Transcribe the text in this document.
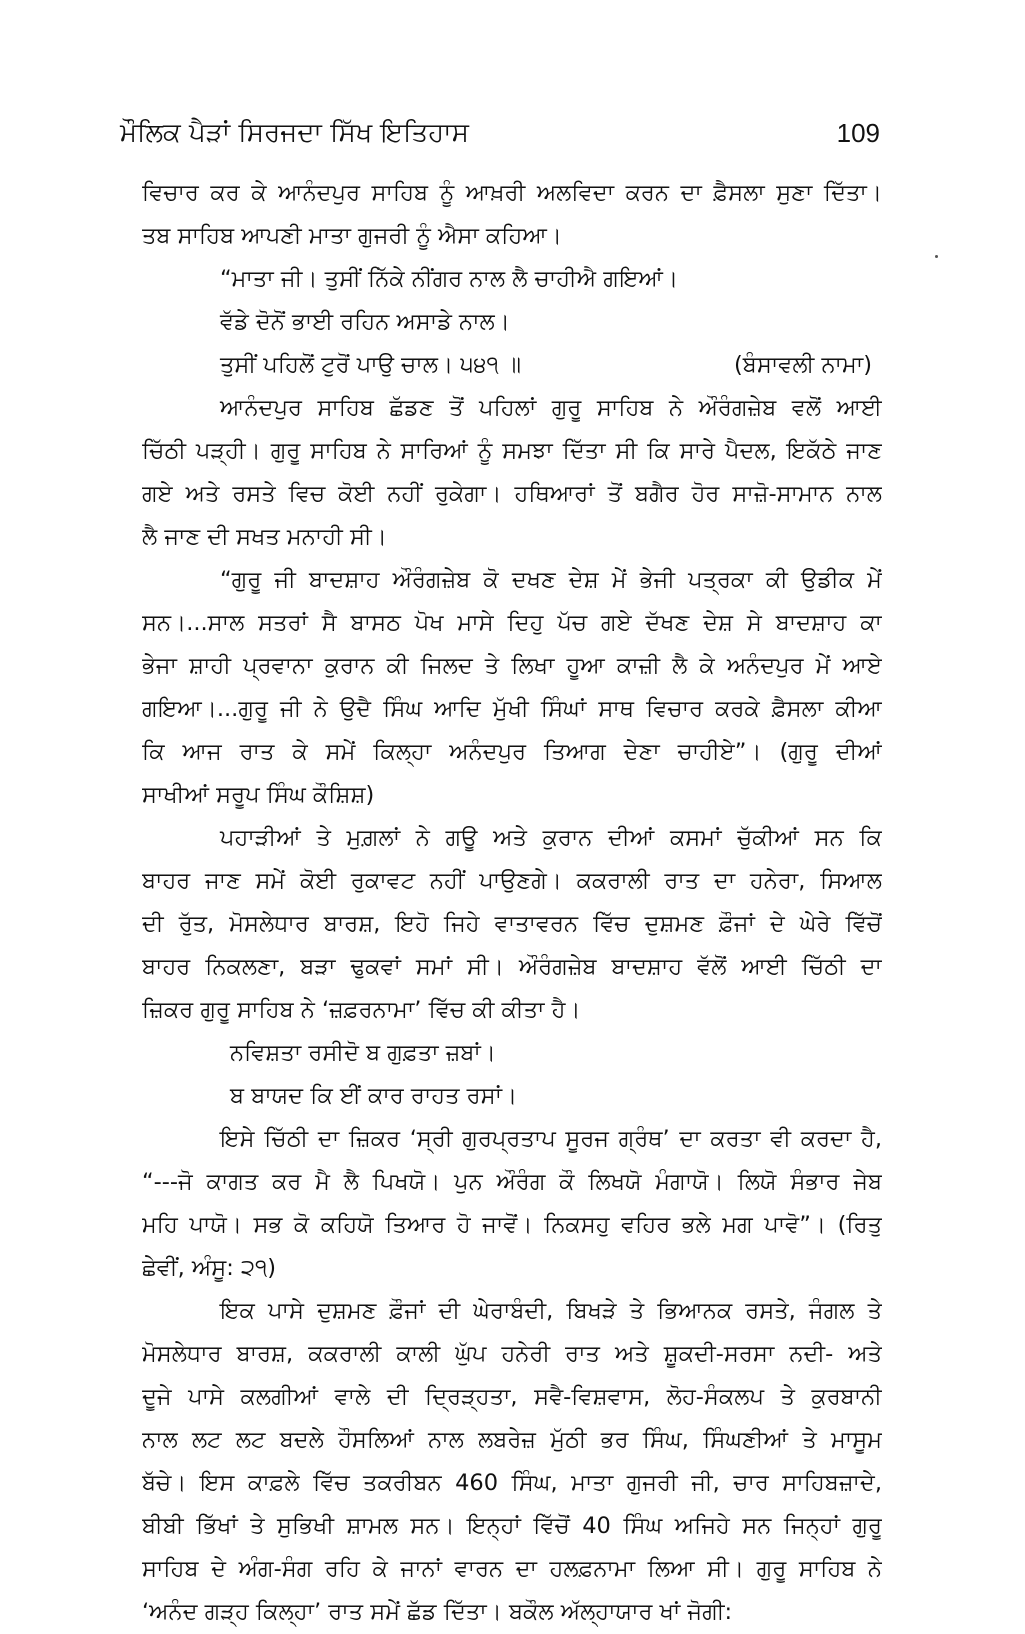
ਮੌਲਿਕ ਪੈੜਾਂ ਸਿਰਜਦਾ ਸਿੱਖ ਇਤਿਹਾਸ	109
ਵਿਚਾਰ ਕਰ ਕੇ ਆਨੰਦਪੁਰ ਸਾਹਿਬ ਨੂੰ ਆਖ਼ਰੀ ਅਲਵਿਦਾ ਕਰਨ ਦਾ ਫ਼ੈਸਲਾ ਸੁਣਾ ਦਿੱਤਾ।
ਤਬ ਸਾਹਿਬ ਆਪਣੀ ਮਾਤਾ ਗੁਜਰੀ ਨੂੰ ਐਸਾ ਕਹਿਆ।
“ਮਾਤਾ ਜੀ। ਤੁਸੀਂ ਨਿੱਕੇ ਨੀਂਗਰ ਨਾਲ ਲੈ ਚਾਹੀਐ ਗਇਆਂ।
ਵੱਡੇ ਦੋਨੋਂ ਭਾਈ ਰਹਿਨ ਅਸਾਡੇ ਨਾਲ।
ਤੁਸੀਂ ਪਹਿਲੋਂ ਟੁਰੋਂ ਪਾਉ ਚਾਲ। ੫੪੧ ॥	(ਬੰਸਾਵਲੀ ਨਾਮਾ)
ਆਨੰਦਪੁਰ ਸਾਹਿਬ ਛੱਡਣ ਤੋਂ ਪਹਿਲਾਂ ਗੁਰੂ ਸਾਹਿਬ ਨੇ ਔਰੰਗਜ਼ੇਬ ਵਲੋਂ ਆਈ
ਚਿੱਠੀ ਪੜ੍ਹੀ। ਗੁਰੂ ਸਾਹਿਬ ਨੇ ਸਾਰਿਆਂ ਨੂੰ ਸਮਝਾ ਦਿੱਤਾ ਸੀ ਕਿ ਸਾਰੇ ਪੈਦਲ, ਇਕੱਠੇ ਜਾਣ
ਗਏ ਅਤੇ ਰਸਤੇ ਵਿਚ ਕੋਈ ਨਹੀਂ ਰੁਕੇਗਾ। ਹਥਿਆਰਾਂ ਤੋਂ ਬਗੈਰ ਹੋਰ ਸਾਜ਼ੋ-ਸਾਮਾਨ ਨਾਲ
ਲੈ ਜਾਣ ਦੀ ਸਖਤ ਮਨਾਹੀ ਸੀ।
“ਗੁਰੂ ਜੀ ਬਾਦਸ਼ਾਹ ਔਰੰਗਜ਼ੇਬ ਕੋ ਦਖਣ ਦੇਸ਼ ਮੇਂ ਭੇਜੀ ਪਤ੍ਰਕਾ ਕੀ ਉਡੀਕ ਮੇਂ
ਸਨ।...ਸਾਲ ਸਤਰਾਂ ਸੈ ਬਾਸਠ ਪੋਖ ਮਾਸੇ ਦਿਹੁ ਪੱਚ ਗਏ ਦੱਖਣ ਦੇਸ਼ ਸੇ ਬਾਦਸ਼ਾਹ ਕਾ
ਭੇਜਾ ਸ਼ਾਹੀ ਪ੍ਰਵਾਨਾ ਕੁਰਾਨ ਕੀ ਜਿਲਦ ਤੇ ਲਿਖਾ ਹੂਆ ਕਾਜ਼ੀ ਲੈ ਕੇ ਅਨੰਦਪੁਰ ਮੇਂ ਆਏ
ਗਇਆ।...ਗੁਰੂ ਜੀ ਨੇ ਉਦੈ ਸਿੰਘ ਆਦਿ ਮੁੱਖੀ ਸਿੰਘਾਂ ਸਾਥ ਵਿਚਾਰ ਕਰਕੇ ਫ਼ੈਸਲਾ ਕੀਆ
ਕਿ ਆਜ ਰਾਤ ਕੇ ਸਮੇਂ ਕਿਲ੍ਹਾ ਅਨੰਦਪੁਰ ਤਿਆਗ ਦੇਣਾ ਚਾਹੀਏ”। (ਗੁਰੂ ਦੀਆਂ
ਸਾਖੀਆਂ ਸਰੂਪ ਸਿੰਘ ਕੌਸ਼ਿਸ਼)
ਪਹਾੜੀਆਂ ਤੇ ਮੁਗ਼ਲਾਂ ਨੇ ਗਊ ਅਤੇ ਕੁਰਾਨ ਦੀਆਂ ਕਸਮਾਂ ਚੁੱਕੀਆਂ ਸਨ ਕਿ
ਬਾਹਰ ਜਾਣ ਸਮੇਂ ਕੋਈ ਰੁਕਾਵਟ ਨਹੀਂ ਪਾਉਣਗੇ। ਕਕਰਾਲੀ ਰਾਤ ਦਾ ਹਨੇਰਾ, ਸਿਆਲ
ਦੀ ਰੁੱਤ, ਮੋਸਲੇਧਾਰ ਬਾਰਸ਼, ਇਹੋ ਜਿਹੇ ਵਾਤਾਵਰਨ ਵਿੱਚ ਦੁਸ਼ਮਣ ਫ਼ੌਜਾਂ ਦੇ ਘੇਰੇ ਵਿੱਚੋਂ
ਬਾਹਰ ਨਿਕਲਣਾ, ਬੜਾ ਢੁਕਵਾਂ ਸਮਾਂ ਸੀ। ਔਰੰਗਜ਼ੇਬ ਬਾਦਸ਼ਾਹ ਵੱਲੋਂ ਆਈ ਚਿੱਠੀ ਦਾ
ਜ਼ਿਕਰ ਗੁਰੂ ਸਾਹਿਬ ਨੇ ‘ਜ਼ਫ਼ਰਨਾਮਾ’ ਵਿੱਚ ਕੀ ਕੀਤਾ ਹੈ।
ਨਵਿਸ਼ਤਾ ਰਸੀਦੋ ਬ ਗੁਫ਼ਤਾ ਜ਼ਬਾਂ।
ਬ ਬਾਯਦ ਕਿ ਈਂ ਕਾਰ ਰਾਹਤ ਰਸਾਂ।
ਇਸੇ ਚਿੱਠੀ ਦਾ ਜ਼ਿਕਰ ‘ਸ੍ਰੀ ਗੁਰਪ੍ਰਤਾਪ ਸੂਰਜ ਗ੍ਰੰਥ’ ਦਾ ਕਰਤਾ ਵੀ ਕਰਦਾ ਹੈ,
“---ਜੋ ਕਾਗਤ ਕਰ ਮੈ ਲੈ ਪਿਖਯੋ। ਪੁਨ ਔਰੰਗ ਕੌ ਲਿਖਯੋ ਮੰਗਾਯੋ। ਲਿਯੋ ਸੰਭਾਰ ਜੇਬ
ਮਹਿ ਪਾਯੋ। ਸਭ ਕੋ ਕਹਿਯੋ ਤਿਆਰ ਹੋ ਜਾਵੋਂ। ਨਿਕਸਹੁ ਵਹਿਰ ਭਲੇ ਮਗ ਪਾਵੋ”। (ਰਿਤੁ
ਛੇਵੀਂ, ਅੰਸੂ: ੨੧)
ਇਕ ਪਾਸੇ ਦੁਸ਼ਮਣ ਫ਼ੌਜਾਂ ਦੀ ਘੇਰਾਬੰਦੀ, ਬਿਖੜੇ ਤੇ ਭਿਆਨਕ ਰਸਤੇ, ਜੰਗਲ ਤੇ
ਮੋਸਲੇਧਾਰ ਬਾਰਸ਼, ਕਕਰਾਲੀ ਕਾਲੀ ਘੁੱਪ ਹਨੇਰੀ ਰਾਤ ਅਤੇ ਸ਼ੂਕਦੀ-ਸਰਸਾ ਨਦੀ- ਅਤੇ
ਦੂਜੇ ਪਾਸੇ ਕਲਗੀਆਂ ਵਾਲੇ ਦੀ ਦ੍ਰਿੜ੍ਹਤਾ, ਸਵੈ-ਵਿਸ਼ਵਾਸ, ਲੋਹ-ਸੰਕਲਪ ਤੇ ਕੁਰਬਾਨੀ
ਨਾਲ ਲਟ ਲਟ ਬਦਲੇ ਹੌਸਲਿਆਂ ਨਾਲ ਲਬਰੇਜ਼ ਮੁੱਠੀ ਭਰ ਸਿੰਘ, ਸਿੰਘਣੀਆਂ ਤੇ ਮਾਸੂਮ
ਬੱਚੇ। ਇਸ ਕਾਫ਼ਲੇ ਵਿੱਚ ਤਕਰੀਬਨ 460 ਸਿੰਘ, ਮਾਤਾ ਗੁਜਰੀ ਜੀ, ਚਾਰ ਸਾਹਿਬਜ਼ਾਦੇ,
ਬੀਬੀ ਭਿੱਖਾਂ ਤੇ ਸੁਭਿਖੀ ਸ਼ਾਮਲ ਸਨ। ਇਨ੍ਹਾਂ ਵਿੱਚੋਂ 40 ਸਿੰਘ ਅਜਿਹੇ ਸਨ ਜਿਨ੍ਹਾਂ ਗੁਰੂ
ਸਾਹਿਬ ਦੇ ਅੰਗ-ਸੰਗ ਰਹਿ ਕੇ ਜਾਨਾਂ ਵਾਰਨ ਦਾ ਹਲਫ਼ਨਾਮਾ ਲਿਆ ਸੀ। ਗੁਰੂ ਸਾਹਿਬ ਨੇ
‘ਅਨੰਦ ਗੜ੍ਹ ਕਿਲ੍ਹਾ’ ਰਾਤ ਸਮੇਂ ਛੱਡ ਦਿੱਤਾ। ਬਕੌਲ ਅੱਲ੍ਹਾਯਾਰ ਖਾਂ ਜੋਗੀ:
